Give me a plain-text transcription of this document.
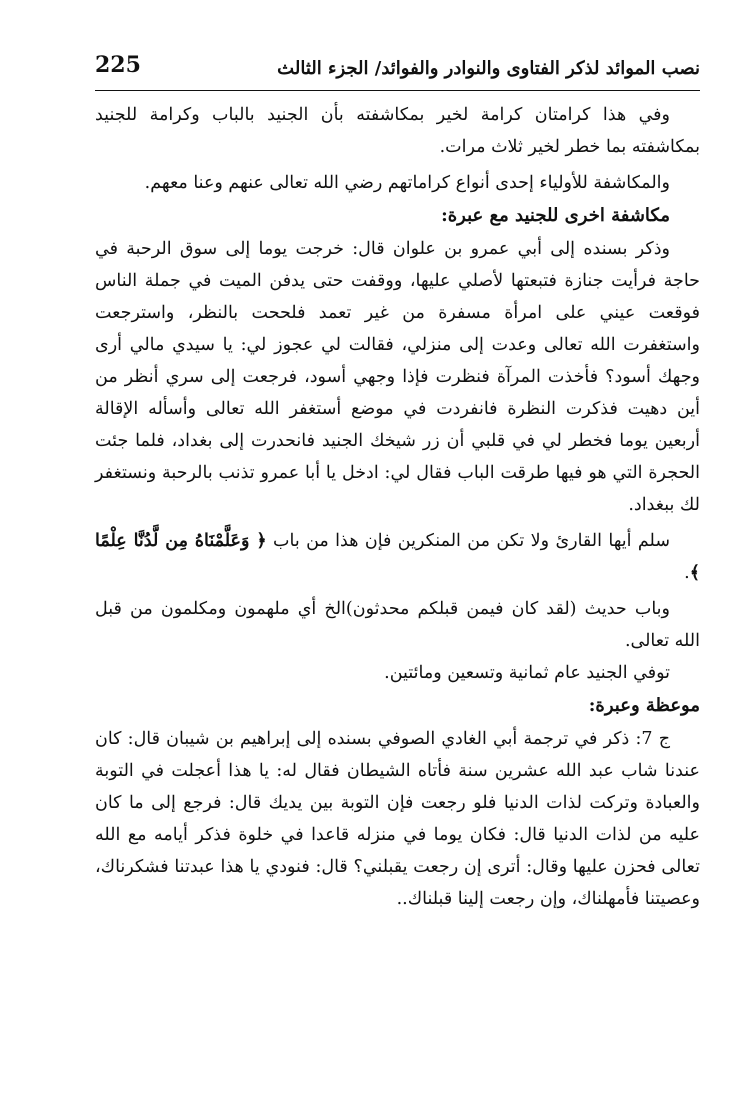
نصب الموائد لذكر الفتاوى والنوادر والفوائد/ الجزء الثالث
225

وفي هذا كرامتان كرامة لخير بمكاشفته بأن الجنيد بالباب وكرامة للجنيد بمكاشفته بما خطر لخير ثلاث مرات.

والمكاشفة للأولياء إحدى أنواع كراماتهم رضي الله تعالى عنهم وعنا معهم.

مكاشفة اخرى للجنيد مع عبرة:

وذكر بسنده إلى أبي عمرو بن علوان قال: خرجت يوما إلى سوق الرحبة في حاجة فرأيت جنازة فتبعتها لأصلي عليها، ووقفت حتى يدفن الميت في جملة الناس فوقعت عيني على امرأة مسفرة من غير تعمد فلححت بالنظر، واسترجعت واستغفرت الله تعالى وعدت إلى منزلي، فقالت لي عجوز لي: يا سيدي مالي أرى وجهك أسود؟ فأخذت المرآة فنظرت فإذا وجهي أسود، فرجعت إلى سري أنظر من أين دهيت فذكرت النظرة فانفردت في موضع أستغفر الله تعالى وأسأله الإقالة أربعين يوما فخطر لي في قلبي أن زر شيخك الجنيد فانحدرت إلى بغداد، فلما جئت الحجرة التي هو فيها طرقت الباب فقال لي: ادخل يا أبا عمرو تذنب بالرحبة ونستغفر لك ببغداد.

سلم أيها القارئ ولا تكن من المنكرين فإن هذا من باب ﴿ وَعَلَّمْنَاهُ مِن لَّدُنَّا عِلْمًا ﴾.

وباب حديث (لقد كان فيمن قبلكم محدثون)الخ أي ملهمون ومكلمون من قبل الله تعالى.

توفي الجنيد عام ثمانية وتسعين ومائتين.

موعظة وعبرة:

ج 7: ذكر في ترجمة أبي الغادي الصوفي بسنده إلى إبراهيم بن شيبان قال: كان عندنا شاب عبد الله عشرين سنة فأتاه الشيطان فقال له: يا هذا أعجلت في التوبة والعبادة وتركت لذات الدنيا فلو رجعت فإن التوبة بين يديك قال: فرجع إلى ما كان عليه من لذات الدنيا قال: فكان يوما في منزله قاعدا في خلوة فذكر أيامه مع الله تعالى فحزن عليها وقال: أترى إن رجعت يقبلني؟ قال: فنودي يا هذا عبدتنا فشكرناك، وعصيتنا فأمهلناك، وإن رجعت إلينا قبلناك..
